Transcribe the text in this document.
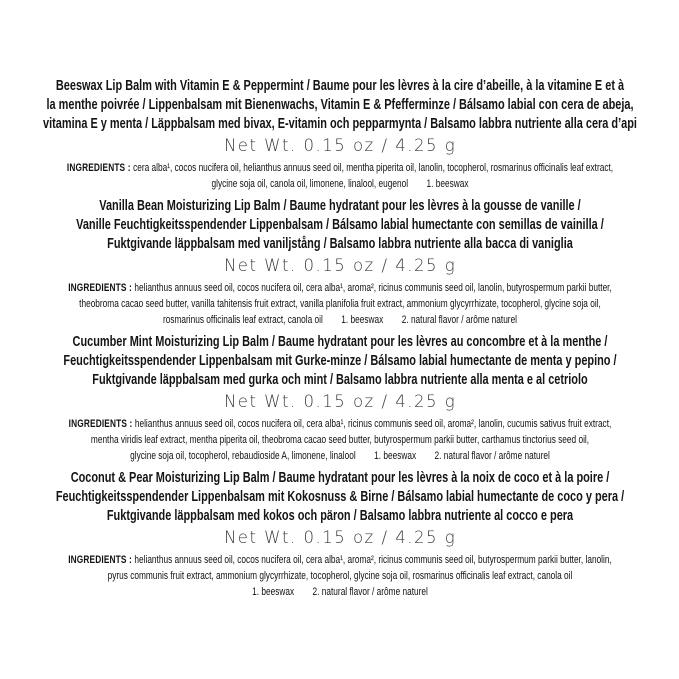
Beeswax Lip Balm with Vitamin E & Peppermint / Baume pour les lèvres à la cire d’abeille, à la vitamine E et à
la menthe poivrée / Lippenbalsam mit Bienenwachs, Vitamin E & Pfefferminze / Bálsamo labial con cera de abeja,
vitamina E y menta / Läppbalsam med bivax, E-vitamin och pepparmynta / Balsamo labbra nutriente alla cera d’api
Net Wt. 0.15 oz / 4.25 g
INGREDIENTS : cera alba¹, cocos nucifera oil, helianthus annuus seed oil, mentha piperita oil, lanolin, tocopherol, rosmarinus officinalis leaf extract,
glycine soja oil, canola oil, limonene, linalool, eugenol        1. beeswax
Vanilla Bean Moisturizing Lip Balm / Baume hydratant pour les lèvres à la gousse de vanille /
Vanille Feuchtigkeitsspendender Lippenbalsam / Bálsamo labial humectante con semillas de vainilla /
Fuktgivande läppbalsam med vaniljstång / Balsamo labbra nutriente alla bacca di vaniglia
Net Wt. 0.15 oz / 4.25 g
INGREDIENTS : helianthus annuus seed oil, cocos nucifera oil, cera alba¹, aroma², ricinus communis seed oil, lanolin, butyrospermum parkii butter,
theobroma cacao seed butter, vanilla tahitensis fruit extract, vanilla planifolia fruit extract, ammonium glycyrrhizate, tocopherol, glycine soja oil,
rosmarinus officinalis leaf extract, canola oil        1. beeswax        2. natural flavor / arôme naturel
Cucumber Mint Moisturizing Lip Balm / Baume hydratant pour les lèvres au concombre et à la menthe /
Feuchtigkeitsspendender Lippenbalsam mit Gurke-minze / Bálsamo labial humectante de menta y pepino /
Fuktgivande läppbalsam med gurka och mint / Balsamo labbra nutriente alla menta e al cetriolo
Net Wt. 0.15 oz / 4.25 g
INGREDIENTS : helianthus annuus seed oil, cocos nucifera oil, cera alba¹, ricinus communis seed oil, aroma², lanolin, cucumis sativus fruit extract,
mentha viridis leaf extract, mentha piperita oil, theobroma cacao seed butter, butyrospermum parkii butter, carthamus tinctorius seed oil,
glycine soja oil, tocopherol, rebaudioside A, limonene, linalool        1. beeswax        2. natural flavor / arôme naturel
Coconut & Pear Moisturizing Lip Balm / Baume hydratant pour les lèvres à la noix de coco et à la poire /
Feuchtigkeitsspendender Lippenbalsam mit Kokosnuss & Birne / Bálsamo labial humectante de coco y pera /
Fuktgivande läppbalsam med kokos och päron / Balsamo labbra nutriente al cocco e pera
Net Wt. 0.15 oz / 4.25 g
INGREDIENTS : helianthus annuus seed oil, cocos nucifera oil, cera alba¹, aroma², ricinus communis seed oil, butyrospermum parkii butter, lanolin,
pyrus communis fruit extract, ammonium glycyrrhizate, tocopherol, glycine soja oil, rosmarinus officinalis leaf extract, canola oil
1. beeswax        2. natural flavor / arôme naturel
